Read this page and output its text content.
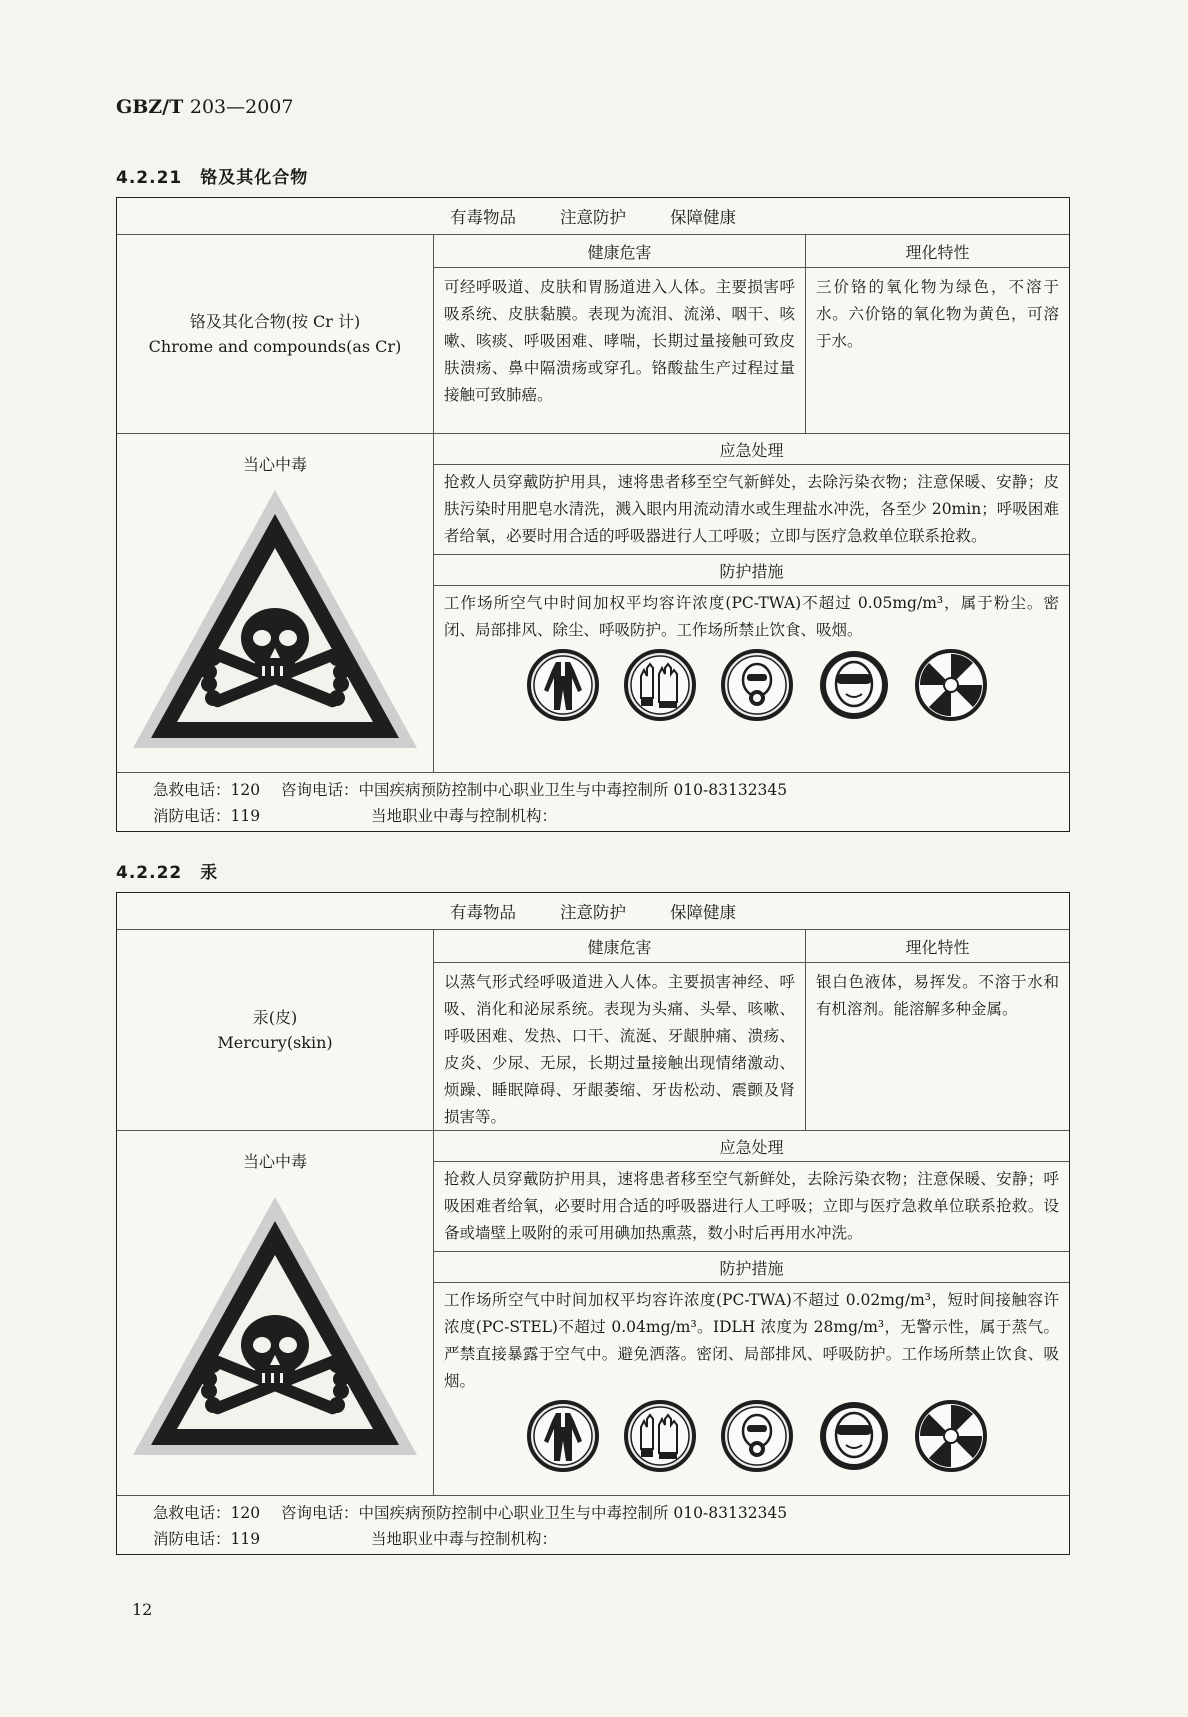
GBZ/T 203—2007
4.2.21　铬及其化合物
有毒物品	注意防护	保障健康
铬及其化合物(按 Cr 计)
Chrome and compounds(as Cr)
健康危害
可经呼吸道、皮肤和胃肠道进入人体。主要损害呼吸系统、皮肤黏膜。表现为流泪、流涕、咽干、咳嗽、咳痰、呼吸困难、哮喘，长期过量接触可致皮肤溃疡、鼻中隔溃疡或穿孔。铬酸盐生产过程过量接触可致肺癌。
理化特性
三价铬的氧化物为绿色，不溶于水。六价铬的氧化物为黄色，可溶于水。
当心中毒
应急处理
抢救人员穿戴防护用具，速将患者移至空气新鲜处，去除污染衣物；注意保暖、安静；皮肤污染时用肥皂水清洗，溅入眼内用流动清水或生理盐水冲洗，各至少 20min；呼吸困难者给氧，必要时用合适的呼吸器进行人工呼吸；立即与医疗急救单位联系抢救。
防护措施
工作场所空气中时间加权平均容许浓度(PC-TWA)不超过 0.05mg/m³，属于粉尘。密闭、局部排风、除尘、呼吸防护。工作场所禁止饮食、吸烟。
急救电话：120	咨询电话：中国疾病预防控制中心职业卫生与中毒控制所 010-83132345
消防电话：119	当地职业中毒与控制机构：
4.2.22　汞
有毒物品	注意防护	保障健康
汞(皮)
Mercury(skin)
健康危害
以蒸气形式经呼吸道进入人体。主要损害神经、呼吸、消化和泌尿系统。表现为头痛、头晕、咳嗽、呼吸困难、发热、口干、流涎、牙龈肿痛、溃疡、皮炎、少尿、无尿，长期过量接触出现情绪激动、烦躁、睡眠障碍、牙龈萎缩、牙齿松动、震颤及肾损害等。
理化特性
银白色液体，易挥发。不溶于水和有机溶剂。能溶解多种金属。
当心中毒
应急处理
抢救人员穿戴防护用具，速将患者移至空气新鲜处，去除污染衣物；注意保暖、安静；呼吸困难者给氧，必要时用合适的呼吸器进行人工呼吸；立即与医疗急救单位联系抢救。设备或墙壁上吸附的汞可用碘加热熏蒸，数小时后再用水冲洗。
防护措施
工作场所空气中时间加权平均容许浓度(PC-TWA)不超过 0.02mg/m³，短时间接触容许浓度(PC-STEL)不超过 0.04mg/m³。IDLH 浓度为 28mg/m³，无警示性，属于蒸气。严禁直接暴露于空气中。避免洒落。密闭、局部排风、呼吸防护。工作场所禁止饮食、吸烟。
急救电话：120	咨询电话：中国疾病预防控制中心职业卫生与中毒控制所 010-83132345
消防电话：119	当地职业中毒与控制机构：
12
